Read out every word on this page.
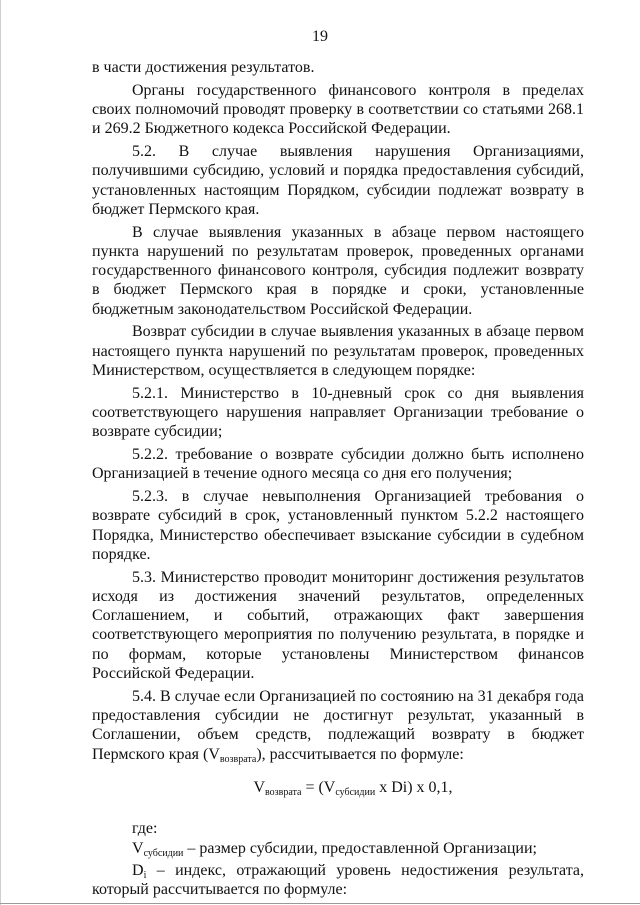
19

в части достижения результатов.

Органы государственного финансового контроля в пределах своих полномочий проводят проверку в соответствии со статьями 268.1 и 269.2 Бюджетного кодекса Российской Федерации.

5.2. В случае выявления нарушения Организациями, получившими субсидию, условий и порядка предоставления субсидий, установленных настоящим Порядком, субсидии подлежат возврату в бюджет Пермского края.

В случае выявления указанных в абзаце первом настоящего пункта нарушений по результатам проверок, проведенных органами государственного финансового контроля, субсидия подлежит возврату в бюджет Пермского края в порядке и сроки, установленные бюджетным законодательством Российской Федерации.

Возврат субсидии в случае выявления указанных в абзаце первом настоящего пункта нарушений по результатам проверок, проведенных Министерством, осуществляется в следующем порядке:

5.2.1. Министерство в 10-дневный срок со дня выявления соответствующего нарушения направляет Организации требование о возврате субсидии;

5.2.2. требование о возврате субсидии должно быть исполнено Организацией в течение одного месяца со дня его получения;

5.2.3. в случае невыполнения Организацией требования о возврате субсидий в срок, установленный пунктом 5.2.2 настоящего Порядка, Министерство обеспечивает взыскание субсидии в судебном порядке.

5.3. Министерство проводит мониторинг достижения результатов исходя из достижения значений результатов, определенных Соглашением, и событий, отражающих факт завершения соответствующего мероприятия по получению результата, в порядке и по формам, которые установлены Министерством финансов Российской Федерации.

5.4. В случае если Организацией по состоянию на 31 декабря года предоставления субсидии не достигнут результат, указанный в Соглашении, объем средств, подлежащий возврату в бюджет Пермского края $(V_{возврата})$, рассчитывается по формуле:

$V_{возврата} = (V_{субсидии}$ x Di) x 0,1,

где:

$V_{субсидии}$ – размер субсидии, предоставленной Организации;

$D_i$ – индекс, отражающий уровень недостижения результата, который рассчитывается по формуле:
